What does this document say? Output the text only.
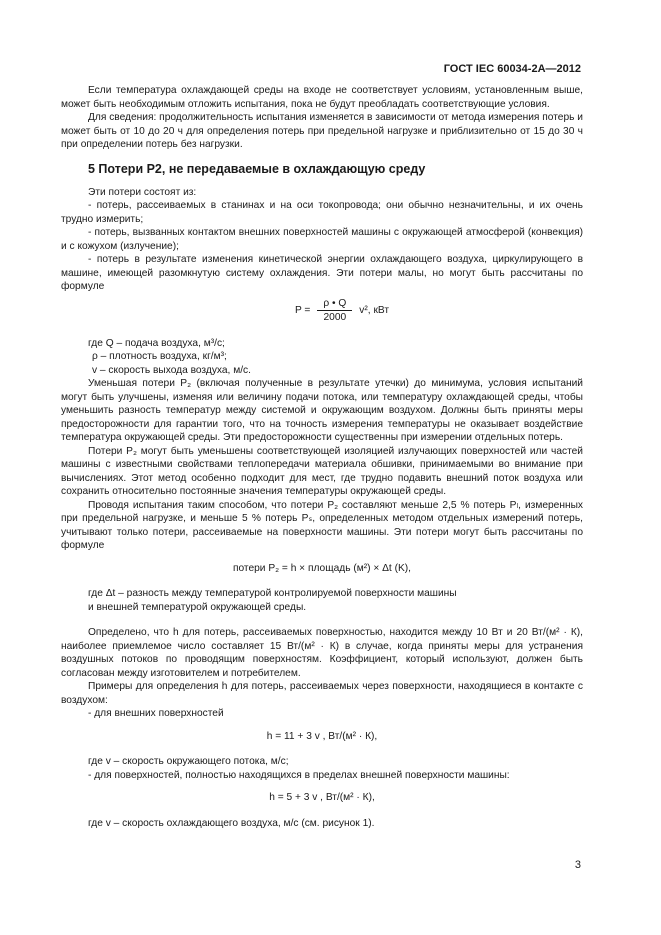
ГОСТ IEC 60034-2A—2012

Если температура охлаждающей среды на входе не соответствует условиям, установленным выше, может быть необходимым отложить испытания, пока не будут преобладать соответствующие условия.

Для сведения: продолжительность испытания изменяется в зависимости от метода измерения потерь и может быть от 10 до 20 ч для определения потерь при предельной нагрузке и приблизительно от 15 до 30 ч при определении потерь без нагрузки.

5 Потери Р2, не передаваемые в охлаждающую среду

Эти потери состоят из:

- потерь, рассеиваемых в станинах и на оси токопровода; они обычно незначительны, и их очень трудно измерить;

- потерь, вызванных контактом внешних поверхностей машины с окружающей атмосферой (конвекция) и с кожухом (излучение);

- потерь в результате изменения кинетической энергии охлаждающего воздуха, циркулирующего в машине, имеющей разомкнутую систему охлаждения. Эти потери малы, но могут быть рассчитаны по формуле

$P = \frac{\rho • Q}{2000} v^2$, кВт

где Q – подача воздуха, м³/с;

ρ – плотность воздуха, кг/м³;

v – скорость выхода воздуха, м/с.

Уменьшая потери P₂ (включая полученные в результате утечки) до минимума, условия испытаний могут быть улучшены, изменяя или величину подачи потока, или температуру охлаждающей среды, чтобы уменьшить разность температур между системой и окружающим воздухом. Должны быть приняты меры предосторожности для гарантии того, что на точность измерения температуры не оказывает воздействие температура окружающей среды. Эти предосторожности существенны при измерении отдельных потерь.

Потери P₂ могут быть уменьшены соответствующей изоляцией излучающих поверхностей или частей машины с известными свойствами теплопередачи материала обшивки, принимаемыми во внимание при вычислениях. Этот метод особенно подходит для мест, где трудно подавить внешний поток воздуха или сохранить относительно постоянные значения температуры окружающей среды.

Проводя испытания таким способом, что потери P₂ составляют меньше 2,5 % потерь Pₗ, измеренных при предельной нагрузке, и меньше 5 % потерь Pₛ, определенных методом отдельных измерений потерь, учитывают только потери, рассеиваемые на поверхности машины. Эти потери могут быть рассчитаны по формуле

потери P₂ = h × площадь (м²) × Δt (K),

где Δt – разность между температурой контролируемой поверхности машины

и внешней температурой окружающей среды.

Определено, что h для потерь, рассеиваемых поверхностью, находится между 10 Вт и 20 Вт/(м² · К), наиболее приемлемое число составляет 15 Вт/(м² · К) в случае, когда приняты меры для устранения воздушных потоков по проводящим поверхностям. Коэффициент, который используют, должен быть согласован между изготовителем и потребителем.

Примеры для определения h для потерь, рассеиваемых через поверхности, находящиеся в контакте с воздухом:

- для внешних поверхностей

h = 11 + 3 v , Вт/(м² · К),

где v – скорость окружающего потока, м/с;

- для поверхностей, полностью находящихся в пределах внешней поверхности машины:

h = 5 + 3 v , Вт/(м² · К),

где v – скорость охлаждающего воздуха, м/с (см. рисунок 1).

3
